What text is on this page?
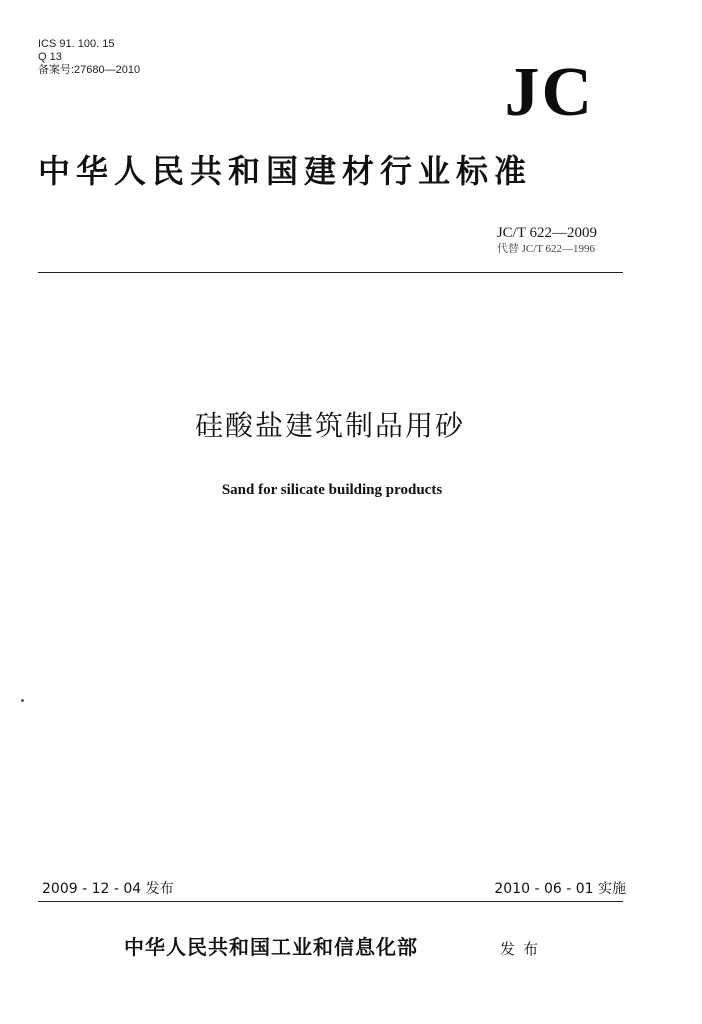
ICS 91. 100. 15
Q 13
备案号:27680—2010	JC
中华人民共和国建材行业标准
JC/T 622—2009
代替 JC/T 622—1996
硅酸盐建筑制品用砂
Sand for silicate building products
2009 - 12 - 04 发布	2010 - 06 - 01 实施
中华人民共和国工业和信息化部	发布
